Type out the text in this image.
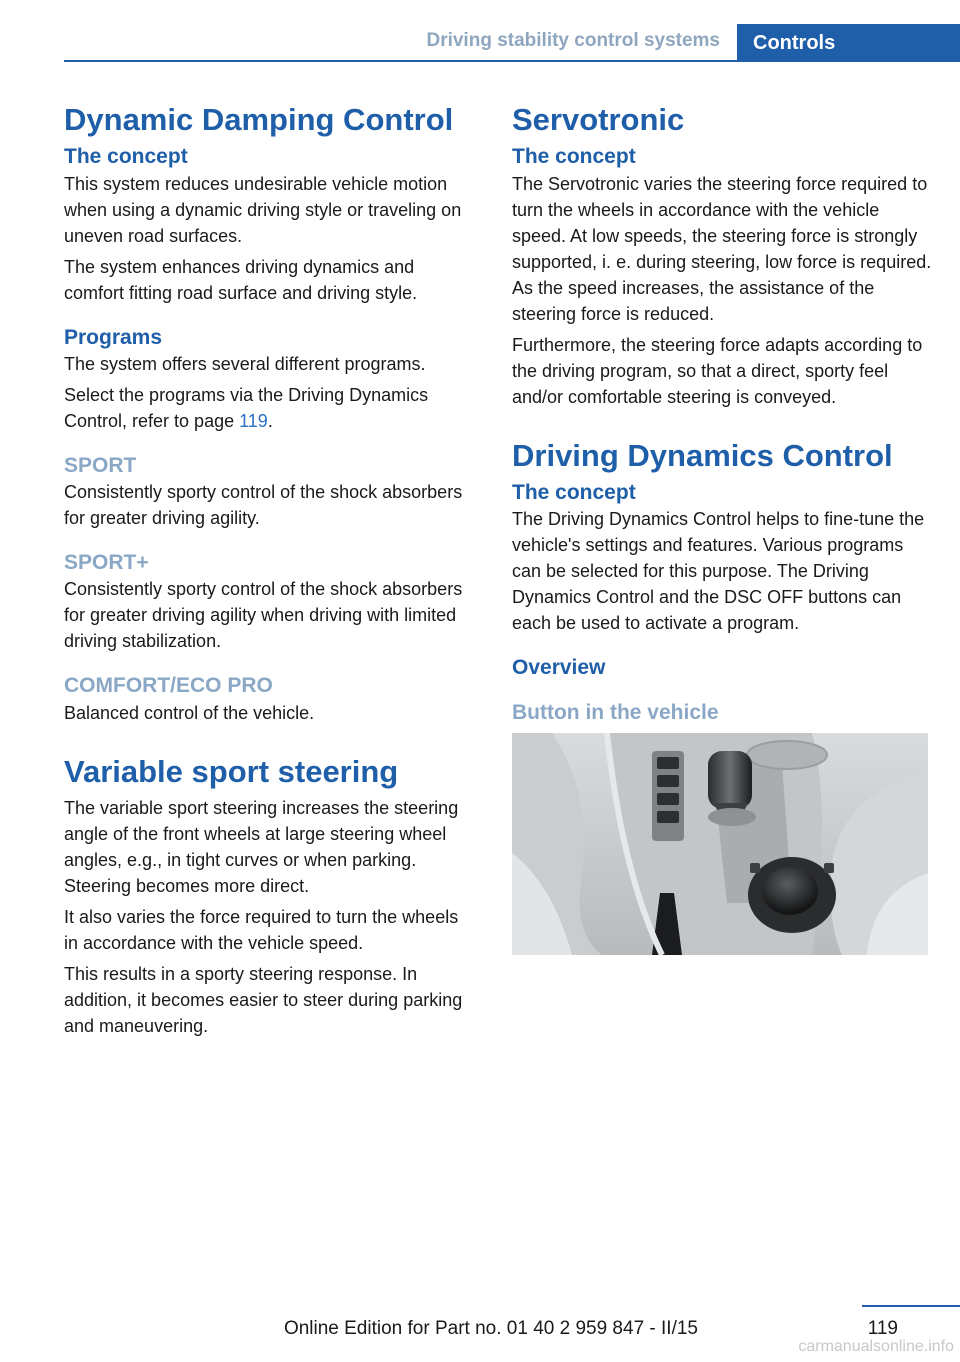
Driving stability control systems	Controls
Dynamic Damping Control
The concept

This system reduces undesirable vehicle motion when using a dynamic driving style or traveling on uneven road surfaces.

The system enhances driving dynamics and comfort fitting road surface and driving style.

Programs

The system offers several different programs.

Select the programs via the Driving Dynamics Control, refer to page 119.

SPORT

Consistently sporty control of the shock absorbers for greater driving agility.

SPORT+

Consistently sporty control of the shock absorbers for greater driving agility when driving with limited driving stabilization.

COMFORT/ECO PRO

Balanced control of the vehicle.

Variable sport steering

The variable sport steering increases the steering angle of the front wheels at large steering wheel angles, e.g., in tight curves or when parking. Steering becomes more direct.

It also varies the force required to turn the wheels in accordance with the vehicle speed.

This results in a sporty steering response. In addition, it becomes easier to steer during parking and maneuvering.

Servotronic
The concept

The Servotronic varies the steering force required to turn the wheels in accordance with the vehicle speed. At low speeds, the steering force is strongly supported, i. e. during steering, low force is required. As the speed increases, the assistance of the steering force is reduced.

Furthermore, the steering force adapts according to the driving program, so that a direct, sporty feel and/or comfortable steering is conveyed.

Driving Dynamics Control
The concept

The Driving Dynamics Control helps to fine-tune the vehicle's settings and features. Various programs can be selected for this purpose. The Driving Dynamics Control and the DSC OFF buttons can each be used to activate a program.

Overview
Button in the vehicle
119
Online Edition for Part no. 01 40 2 959 847 - II/15
carmanualsonline.info
